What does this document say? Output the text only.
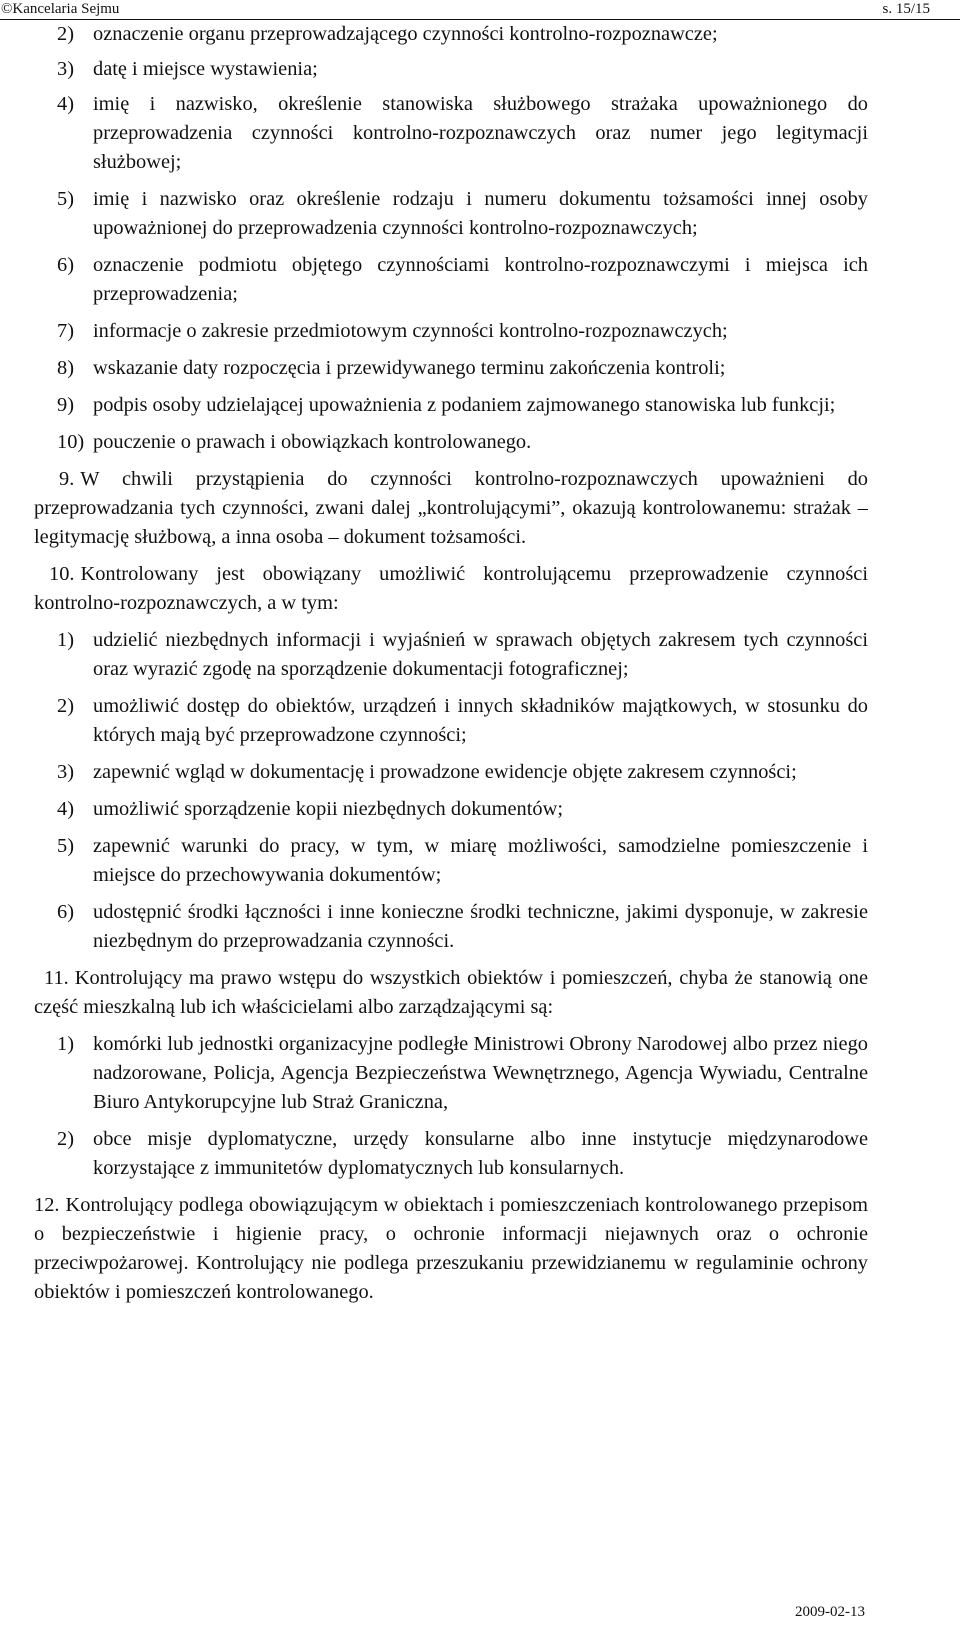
©Kancelaria Sejmu	s. 15/15
2) oznaczenie organu przeprowadzającego czynności kontrolno-rozpoznawcze;
3) datę i miejsce wystawienia;
4) imię i nazwisko, określenie stanowiska służbowego strażaka upoważnionego do przeprowadzenia czynności kontrolno-rozpoznawczych oraz numer jego legitymacji służbowej;
5) imię i nazwisko oraz określenie rodzaju i numeru dokumentu tożsamości innej osoby upoważnionej do przeprowadzenia czynności kontrolno-rozpoznawczych;
6) oznaczenie podmiotu objętego czynnościami kontrolno-rozpoznawczymi i miejsca ich przeprowadzenia;
7) informacje o zakresie przedmiotowym czynności kontrolno-rozpoznawczych;
8) wskazanie daty rozpoczęcia i przewidywanego terminu zakończenia kontroli;
9) podpis osoby udzielającej upoważnienia z podaniem zajmowanego stanowiska lub funkcji;
10) pouczenie o prawach i obowiązkach kontrolowanego.

9. W chwili przystąpienia do czynności kontrolno-rozpoznawczych upoważnieni do przeprowadzania tych czynności, zwani dalej „kontrolującymi”, okazują kontrolowanemu: strażak – legitymację służbową, a inna osoba – dokument tożsamości.

10. Kontrolowany jest obowiązany umożliwić kontrolującemu przeprowadzenie czynności kontrolno-rozpoznawczych, a w tym:

1) udzielić niezbędnych informacji i wyjaśnień w sprawach objętych zakresem tych czynności oraz wyrazić zgodę na sporządzenie dokumentacji fotograficznej;
2) umożliwić dostęp do obiektów, urządzeń i innych składników majątkowych, w stosunku do których mają być przeprowadzone czynności;
3) zapewnić wgląd w dokumentację i prowadzone ewidencje objęte zakresem czynności;
4) umożliwić sporządzenie kopii niezbędnych dokumentów;
5) zapewnić warunki do pracy, w tym, w miarę możliwości, samodzielne pomieszczenie i miejsce do przechowywania dokumentów;
6) udostępnić środki łączności i inne konieczne środki techniczne, jakimi dysponuje, w zakresie niezbędnym do przeprowadzania czynności.

11. Kontrolujący ma prawo wstępu do wszystkich obiektów i pomieszczeń, chyba że stanowią one część mieszkalną lub ich właścicielami albo zarządzającymi są:

1) komórki lub jednostki organizacyjne podległe Ministrowi Obrony Narodowej albo przez niego nadzorowane, Policja, Agencja Bezpieczeństwa Wewnętrznego, Agencja Wywiadu, Centralne Biuro Antykorupcyjne lub Straż Graniczna,
2) obce misje dyplomatyczne, urzędy konsularne albo inne instytucje międzynarodowe korzystające z immunitetów dyplomatycznych lub konsularnych.

12. Kontrolujący podlega obowiązującym w obiektach i pomieszczeniach kontrolowanego przepisom o bezpieczeństwie i higienie pracy, o ochronie informacji niejawnych oraz o ochronie przeciwpożarowej. Kontrolujący nie podlega przeszukaniu przewidzianemu w regulaminie ochrony obiektów i pomieszczeń kontrolowanego.

2009-02-13
